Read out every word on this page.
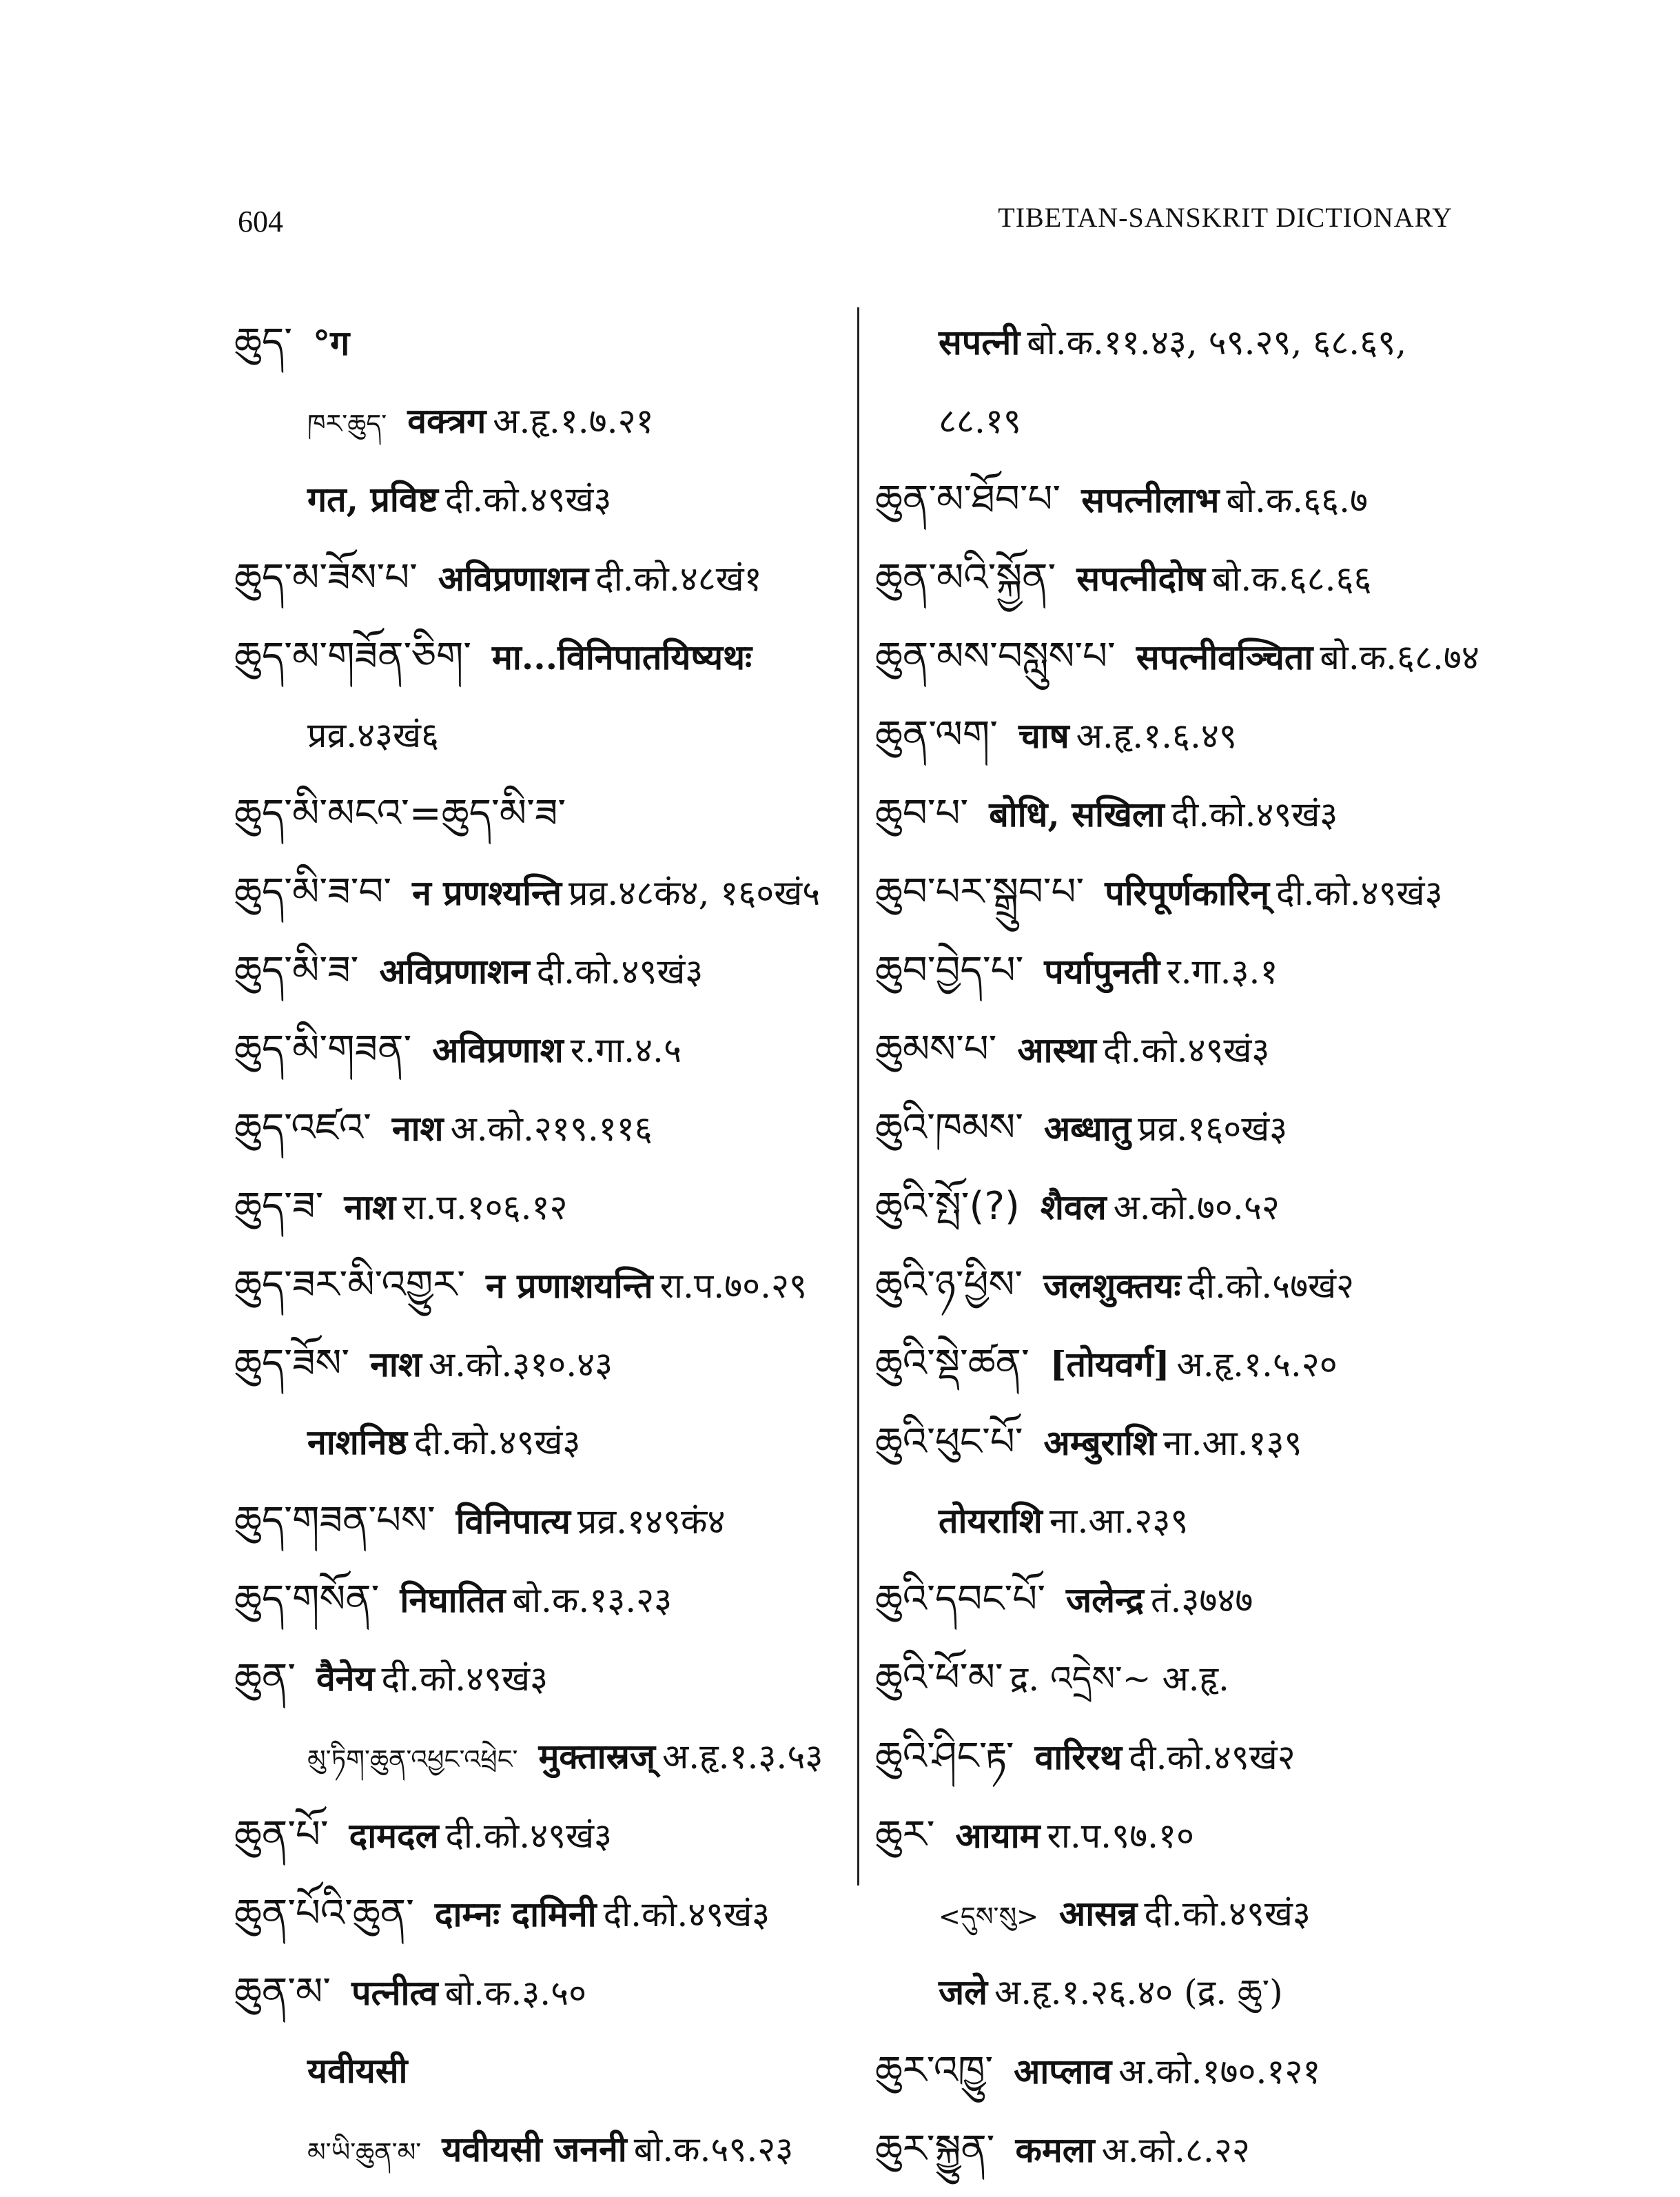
604	TIBETAN-SANSKRIT DICTIONARY
ཆུད་ °ग
ཁར་ཆུད་ वक्त्रग अ.हृ.१.७.२१
गत, प्रविष्ट दी.को.४९खं३
ཆུད་མ་ཟོས་པ་ अविप्रणाशन दी.को.४८खं१
ཆུད་མ་གཟོན་ཅིག་ मा...विनिपातयिष्यथः
प्रव्र.४३खं६
ཆུད་མི་མངའ་=ཆུད་མི་ཟ་
ཆུད་མི་ཟ་བ་ न प्रणश्यन्ति प्रव्र.४८कं४, १६०खं५
ཆུད་མི་ཟ་ अविप्रणाशन दी.को.४९खं३
ཆུད་མི་གཟན་ अविप्रणाश र.गा.४.५
ཆུད་འཛའ་ नाश अ.को.२१९.११६
ཆུད་ཟ་ नाश रा.प.१०६.१२
ཆུད་ཟར་མི་འགྱུར་ न प्रणाशयन्ति रा.प.७०.२९
ཆུད་ཟོས་ नाश अ.को.३१०.४३
नाशनिष्ठ दी.को.४९खं३
ཆུད་གཟན་པས་ विनिपात्य प्रव्र.१४९कं४
ཆུད་གསོན་ निघातित बो.क.१३.२३
ཆུན་ वैनेय दी.को.४९खं३
མུ་ཏིག་ཆུན་འཕྱང་འཕྲེང་ मुक्तास्रज् अ.हृ.१.३.५३
ཆུན་པོ་ दामदल दी.को.४९खं३
ཆུན་པོའི་ཆུན་ दाम्नः दामिनी दी.को.४९खं३
ཆུན་མ་ पत्नीत्व बो.क.३.५०
यवीयसी
མ་ཡི་ཆུན་མ་ यवीयसी जननी बो.क.५९.२३
सपत्नी बो.क.११.४३, ५९.२९, ६८.६९,
८८.१९
ཆུན་མ་ཐོབ་པ་ सपत्नीलाभ बो.क.६६.७
ཆུན་མའི་སྐྱོན་ सपत्नीदोष बो.क.६८.६६
ཆུན་མས་བསླུས་པ་ सपत्नीवञ्चिता बो.क.६८.७४
ཆུན་ལག་ चाष अ.हृ.१.६.४९
ཆུབ་པ་ बोधि, सखिला दी.को.४९खं३
ཆུབ་པར་སྒྲུབ་པ་ परिपूर्णकारिन् दी.को.४९खं३
ཆུབ་བྱེད་པ་ पर्यापुनती र.गा.३.१
ཆུམས་པ་ आस्था दी.को.४९खं३
ཆུའི་ཁམས་ अब्धातु प्रव्र.१६०खं३
ཆུའི་སྤོ་(?) शैवल अ.को.७०.५२
ཆུའི་ཉ་ཕྱིས་ जलशुक्तयः दी.को.५७खं२
ཆུའི་སྡེ་ཚན་ [तोयवर्ग] अ.हृ.१.५.२०
ཆུའི་ཕུང་པོ་ अम्बुराशि ना.आ.१३९
तोयराशि ना.आ.२३९
ཆུའི་དབང་པོ་ जलेन्द्र तं.३७४७
ཆུའི་ཕོ་མ་ द्र. འདྲེས་~ अ.हृ.
ཆུའི་ཤིང་རྟ་ वारिरथ दी.को.४९खं२
ཆུར་ आयाम रा.प.९७.१०
<དུས་སུ> आसन्न दी.को.४९खं३
जले अ.हृ.१.२६.४० (द्र. ཆུ་)
ཆུར་འཁྱུ་ आप्लाव अ.को.१७०.१२१
ཆུར་སྐྱུན་ कमला अ.को.८.२२
